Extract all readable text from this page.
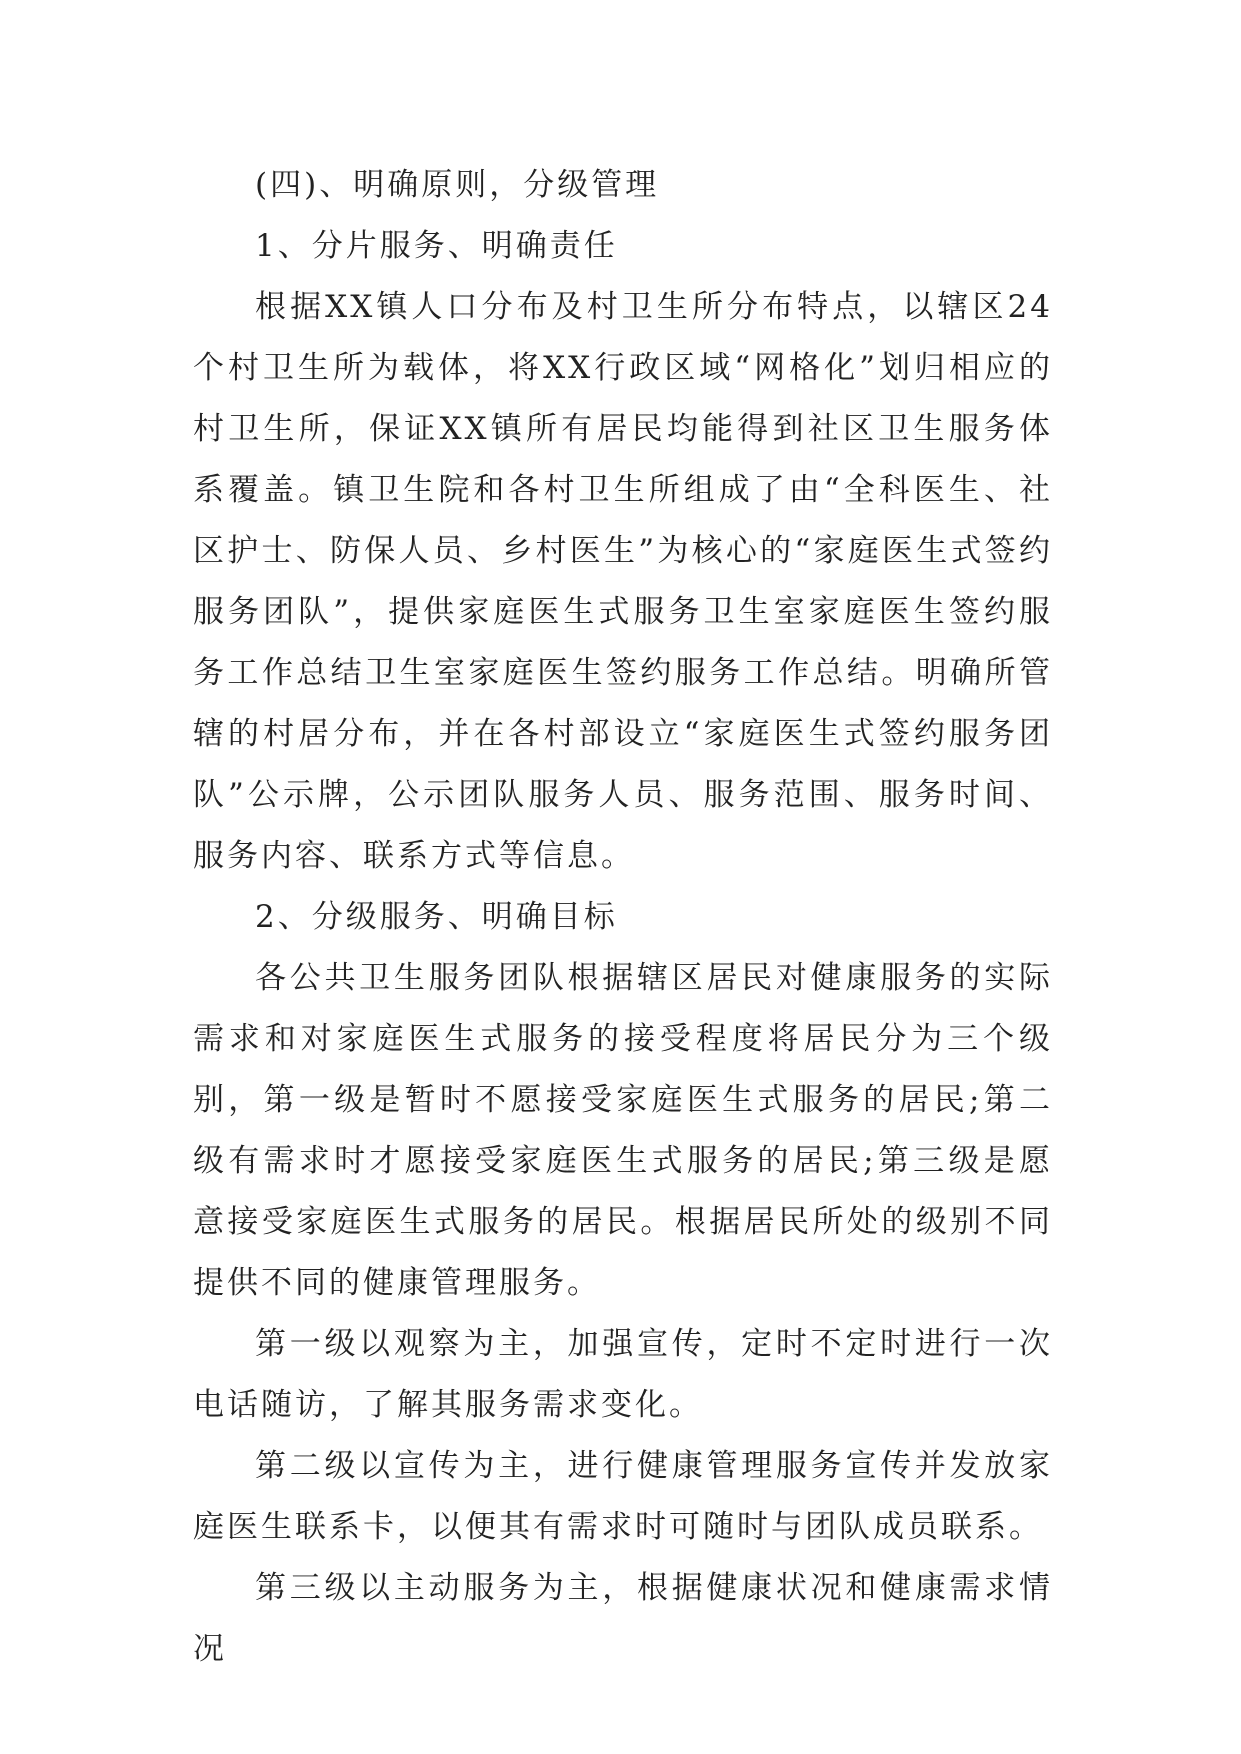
(四)、明确原则，分级管理

1、分片服务、明确责任

根据XX镇人口分布及村卫生所分布特点，以辖区24个村卫生所为载体，将XX行政区域“网格化”划归相应的村卫生所，保证XX镇所有居民均能得到社区卫生服务体系覆盖。镇卫生院和各村卫生所组成了由“全科医生、社区护士、防保人员、乡村医生”为核心的“家庭医生式签约服务团队”，提供家庭医生式服务卫生室家庭医生签约服务工作总结卫生室家庭医生签约服务工作总结。明确所管辖的村居分布，并在各村部设立“家庭医生式签约服务团队”公示牌，公示团队服务人员、服务范围、服务时间、服务内容、联系方式等信息。

2、分级服务、明确目标

各公共卫生服务团队根据辖区居民对健康服务的实际需求和对家庭医生式服务的接受程度将居民分为三个级别，第一级是暂时不愿接受家庭医生式服务的居民;第二级有需求时才愿接受家庭医生式服务的居民;第三级是愿意接受家庭医生式服务的居民。根据居民所处的级别不同提供不同的健康管理服务。

第一级以观察为主，加强宣传，定时不定时进行一次电话随访，了解其服务需求变化。

第二级以宣传为主，进行健康管理服务宣传并发放家庭医生联系卡，以便其有需求时可随时与团队成员联系。

第三级以主动服务为主，根据健康状况和健康需求情况
